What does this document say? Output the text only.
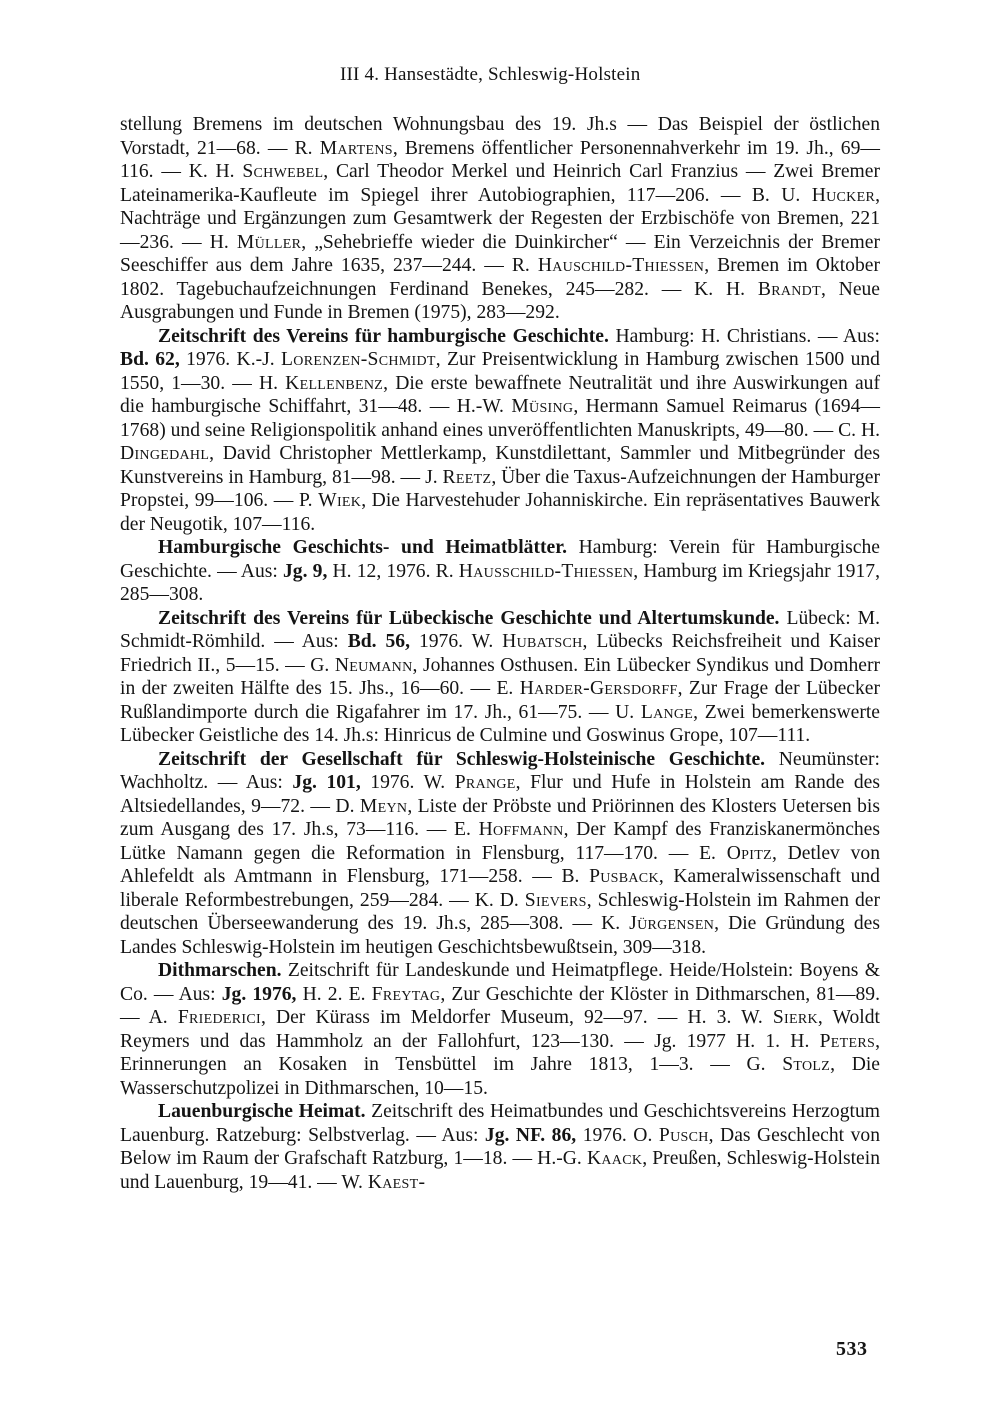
III 4. Hansestädte, Schleswig-Holstein

stellung Bremens im deutschen Wohnungsbau des 19. Jh.s — Das Beispiel der östlichen Vorstadt, 21—68. — R. Martens, Bremens öffentlicher Personennahverkehr im 19. Jh., 69—116. — K. H. Schwebel, Carl Theodor Merkel und Heinrich Carl Franzius — Zwei Bremer Lateinamerika-Kaufleute im Spiegel ihrer Autobiographien, 117—206. — B. U. Hucker, Nachträge und Ergänzungen zum Gesamtwerk der Regesten der Erzbischöfe von Bremen, 221—236. — H. Müller, „Sehebrieffe wieder die Duinkircher“ — Ein Verzeichnis der Bremer Seeschiffer aus dem Jahre 1635, 237—244. — R. Hauschild-Thiessen, Bremen im Oktober 1802. Tagebuchaufzeichnungen Ferdinand Benekes, 245—282. — K. H. Brandt, Neue Ausgrabungen und Funde in Bremen (1975), 283—292.

Zeitschrift des Vereins für hamburgische Geschichte. Hamburg: H. Christians. — Aus: Bd. 62, 1976. K.-J. Lorenzen-Schmidt, Zur Preisentwicklung in Hamburg zwischen 1500 und 1550, 1—30. — H. Kellenbenz, Die erste bewaffnete Neutralität und ihre Auswirkungen auf die hamburgische Schiffahrt, 31—48. — H.-W. Müsing, Hermann Samuel Reimarus (1694—1768) und seine Religionspolitik anhand eines unveröffentlichten Manuskripts, 49—80. — C. H. Dingedahl, David Christopher Mettlerkamp, Kunstdilettant, Sammler und Mitbegründer des Kunstvereins in Hamburg, 81—98. — J. Reetz, Über die Taxus-Aufzeichnungen der Hamburger Propstei, 99—106. — P. Wiek, Die Harvestehuder Johanniskirche. Ein repräsentatives Bauwerk der Neugotik, 107—116.

Hamburgische Geschichts- und Heimatblätter. Hamburg: Verein für Hamburgische Geschichte. — Aus: Jg. 9, H. 12, 1976. R. Hausschild-Thiessen, Hamburg im Kriegsjahr 1917, 285—308.

Zeitschrift des Vereins für Lübeckische Geschichte und Altertumskunde. Lübeck: M. Schmidt-Römhild. — Aus: Bd. 56, 1976. W. Hubatsch, Lübecks Reichsfreiheit und Kaiser Friedrich II., 5—15. — G. Neumann, Johannes Osthusen. Ein Lübecker Syndikus und Domherr in der zweiten Hälfte des 15. Jhs., 16—60. — E. Harder-Gersdorff, Zur Frage der Lübecker Rußlandimporte durch die Rigafahrer im 17. Jh., 61—75. — U. Lange, Zwei bemerkenswerte Lübecker Geistliche des 14. Jh.s: Hinricus de Culmine und Goswinus Grope, 107—111.

Zeitschrift der Gesellschaft für Schleswig-Holsteinische Geschichte. Neumünster: Wachholtz. — Aus: Jg. 101, 1976. W. Prange, Flur und Hufe in Holstein am Rande des Altsiedellandes, 9—72. — D. Meyn, Liste der Pröbste und Priörinnen des Klosters Uetersen bis zum Ausgang des 17. Jh.s, 73—116. — E. Hoffmann, Der Kampf des Franziskanermönches Lütke Namann gegen die Reformation in Flensburg, 117—170. — E. Opitz, Detlev von Ahlefeldt als Amtmann in Flensburg, 171—258. — B. Pusback, Kameralwissenschaft und liberale Reformbestrebungen, 259—284. — K. D. Sievers, Schleswig-Holstein im Rahmen der deutschen Überseewanderung des 19. Jh.s, 285—308. — K. Jürgensen, Die Gründung des Landes Schleswig-Holstein im heutigen Geschichtsbewußtsein, 309—318.

Dithmarschen. Zeitschrift für Landeskunde und Heimatpflege. Heide/Holstein: Boyens & Co. — Aus: Jg. 1976, H. 2. E. Freytag, Zur Geschichte der Klöster in Dithmarschen, 81—89. — A. Friederici, Der Kürass im Meldorfer Museum, 92—97. — H. 3. W. Sierk, Woldt Reymers und das Hammholz an der Fallohfurt, 123—130. — Jg. 1977 H. 1. H. Peters, Erinnerungen an Kosaken in Tensbüttel im Jahre 1813, 1—3. — G. Stolz, Die Wasserschutzpolizei in Dithmarschen, 10—15.

Lauenburgische Heimat. Zeitschrift des Heimatbundes und Geschichtsvereins Herzogtum Lauenburg. Ratzeburg: Selbstverlag. — Aus: Jg. NF. 86, 1976. O. Pusch, Das Geschlecht von Below im Raum der Grafschaft Ratzburg, 1—18. — H.-G. Kaack, Preußen, Schleswig-Holstein und Lauenburg, 19—41. — W. Kaest-

533
